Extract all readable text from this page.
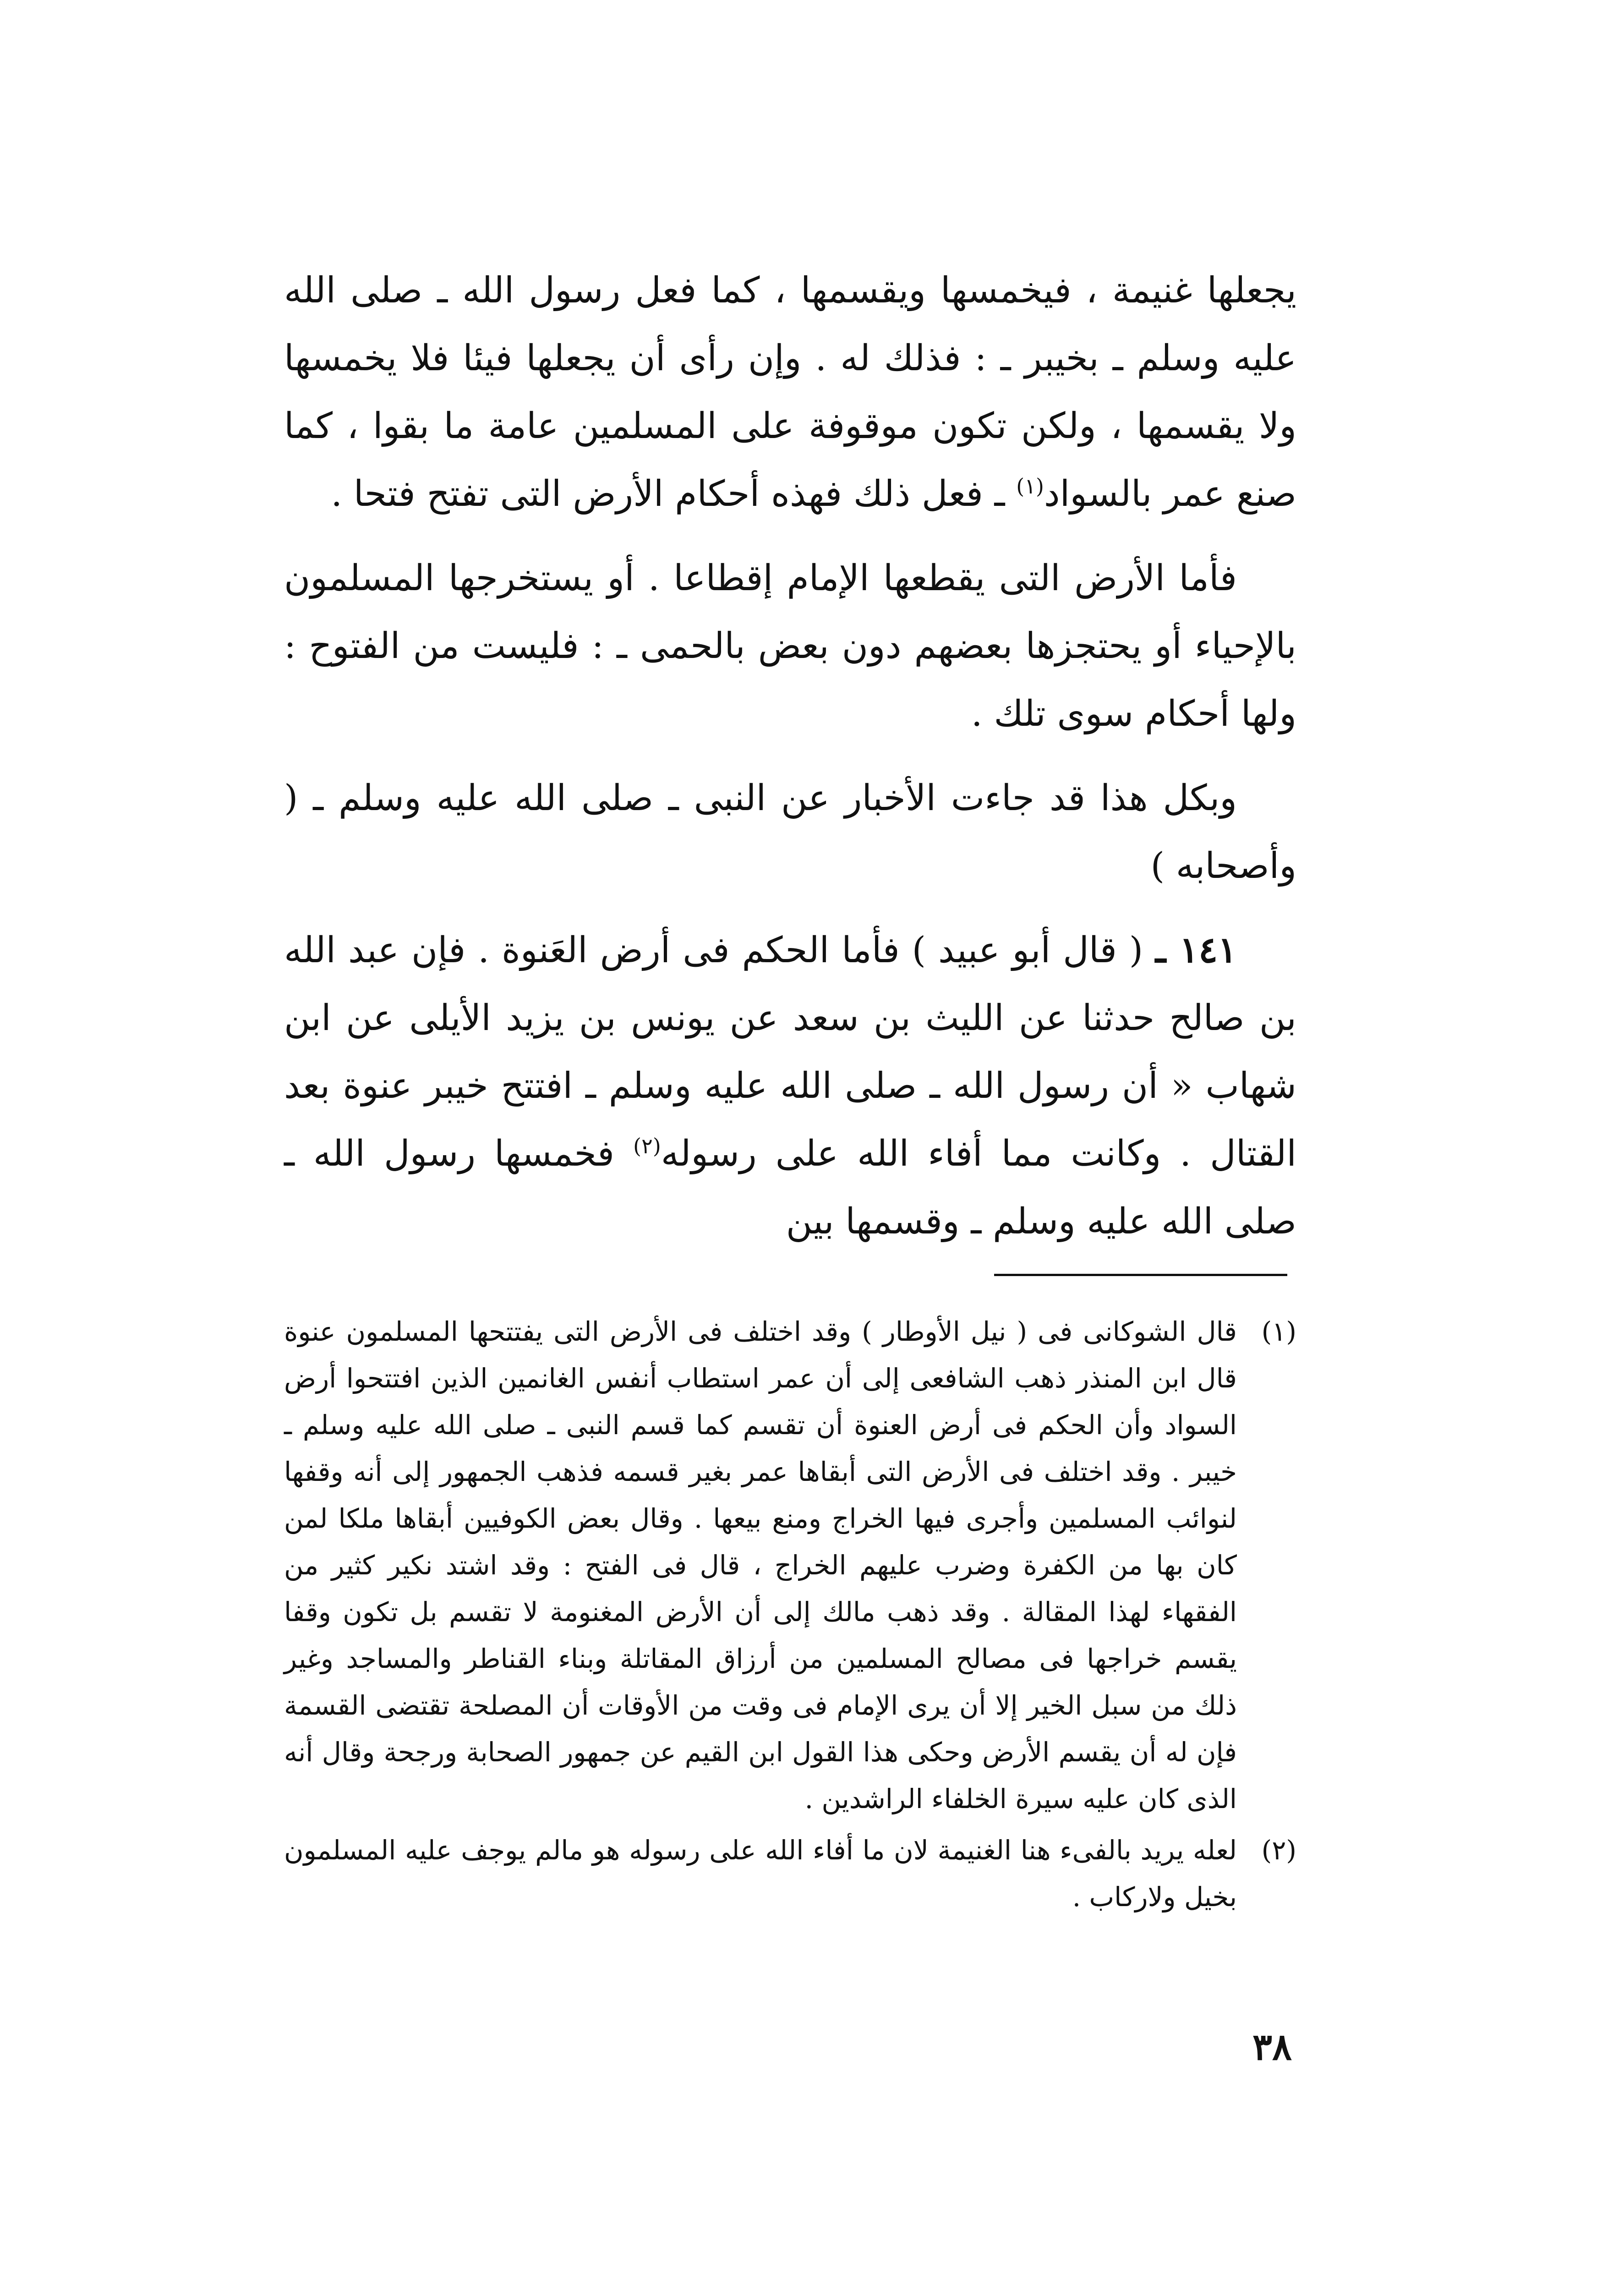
يجعلها غنيمة ، فيخمسها ويقسمها ، كما فعل رسول الله ـ صلى الله عليه وسلم ـ بخيبر ـ : فذلك له . وإن رأى أن يجعلها فيئا فلا يخمسها ولا يقسمها ، ولكن تكون موقوفة على المسلمين عامة ما بقوا ، كما صنع عمر بالسواد$^{(١)}$ ـ فعل ذلك فهذه أحكام الأرض التى تفتح فتحا .

فأما الأرض التى يقطعها الإمام إقطاعا . أو يستخرجها المسلمون بالإحياء أو يحتجزها بعضهم دون بعض بالحمى ـ : فليست من الفتوح : ولها أحكام سوى تلك .

وبكل هذا قد جاءت الأخبار عن النبى ـ صلى الله عليه وسلم ـ ( وأصحابه )

١٤١ ـ ( قال أبو عبيد ) فأما الحكم فى أرض العَنوة . فإن عبد الله بن صالح حدثنا عن الليث بن سعد عن يونس بن يزيد الأيلى عن ابن شهاب « أن رسول الله ـ صلى الله عليه وسلم ـ افتتح خيبر عنوة بعد القتال . وكانت مما أفاء الله على رسوله$^{(٢)}$ فخمسها رسول الله ـ صلى الله عليه وسلم ـ وقسمها بين

(١)
قال الشوكانى فى ( نيل الأوطار ) وقد اختلف فى الأرض التى يفتتحها المسلمون عنوة قال ابن المنذر ذهب الشافعى إلى أن عمر استطاب أنفس الغانمين الذين افتتحوا أرض السواد وأن الحكم فى أرض العنوة أن تقسم كما قسم النبى ـ صلى الله عليه وسلم ـ خيبر . وقد اختلف فى الأرض التى أبقاها عمر بغير قسمه فذهب الجمهور إلى أنه وقفها لنوائب المسلمين وأجرى فيها الخراج ومنع بيعها . وقال بعض الكوفيين أبقاها ملكا لمن كان بها من الكفرة وضرب عليهم الخراج ، قال فى الفتح : وقد اشتد نكير كثير من الفقهاء لهذا المقالة . وقد ذهب مالك إلى أن الأرض المغنومة لا تقسم بل تكون وقفا يقسم خراجها فى مصالح المسلمين من أرزاق المقاتلة وبناء القناطر والمساجد وغير ذلك من سبل الخير إلا أن يرى الإمام فى وقت من الأوقات أن المصلحة تقتضى القسمة فإن له أن يقسم الأرض وحكى هذا القول ابن القيم عن جمهور الصحابة ورجحة وقال أنه الذى كان عليه سيرة الخلفاء الراشدين .
(٢)
لعله يريد بالفىء هنا الغنيمة لان ما أفاء الله على رسوله هو مالم يوجف عليه المسلمون بخيل ولاركاب .
٣٨
